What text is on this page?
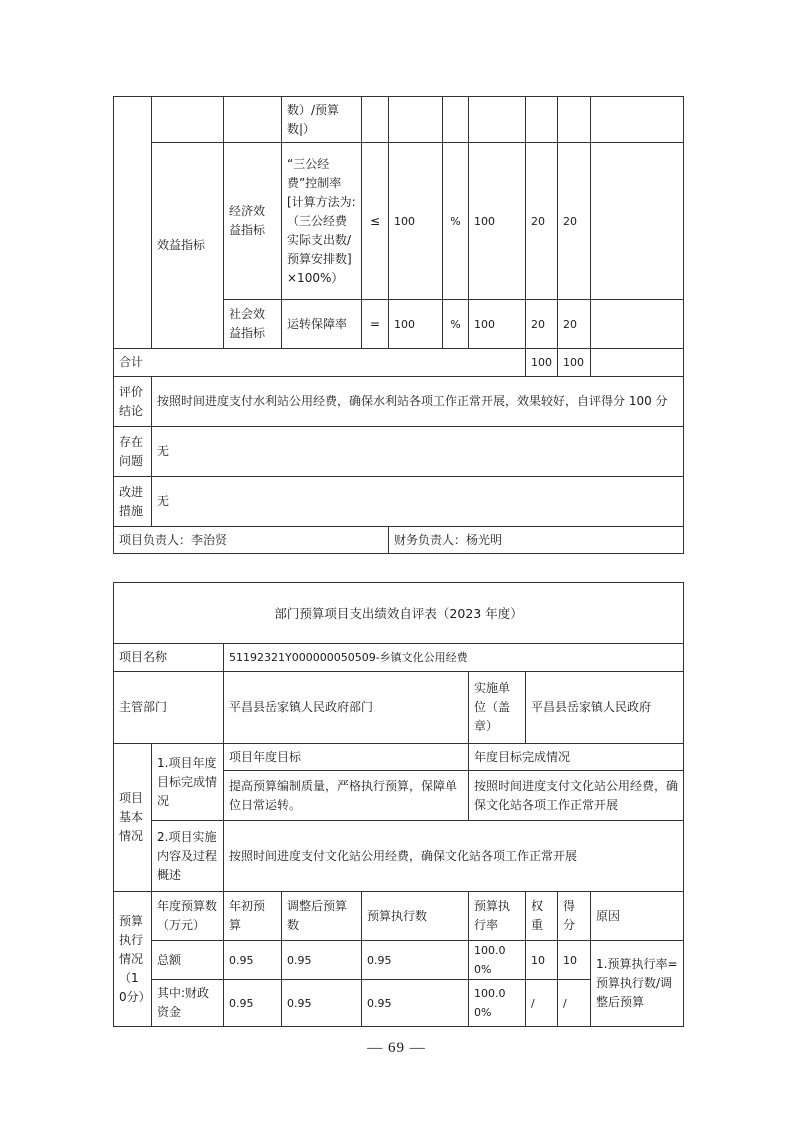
			数）/预算数|）							
	效益指标	经济效益指标	“三公经费”控制率[计算方法为:（三公经费实际支出数/预算安排数]×100%）	≤	100	%	100	20	20	
		社会效益指标	运转保障率	=	100	%	100	20	20	
合计								100	100	
评价结论	按照时间进度支付水利站公用经费，确保水利站各项工作正常开展，效果较好，自评得分 100 分									
存在问题	无									
改进措施	无									
项目负责人：李治贤					财务负责人：杨光明					
部门预算项目支出绩效自评表（2023 年度）								
项目名称		51192321Y000000050509-乡镇文化公用经费						
主管部门		平昌县岳家镇人民政府部门			实施单位（盖章）	平昌县岳家镇人民政府		
项目基本情况	1.项目年度目标完成情况	项目年度目标			年度目标完成情况			
		提高预算编制质量，严格执行预算，保障单位日常运转。			按照时间进度支付文化站公用经费，确保文化站各项工作正常开展			
	2.项目实施内容及过程概述	按照时间进度支付文化站公用经费，确保文化站各项工作正常开展						
预算执行情况（10分）	年度预算数（万元）	年初预算	调整后预算数	预算执行数	预算执行率	权重	得分	原因
	总额	0.95	0.95	0.95	100.00%	10	10	1.预算执行率=预算执行数/调整后预算
	其中:财政资金	0.95	0.95	0.95	100.00%	/	/	
— 69 —
